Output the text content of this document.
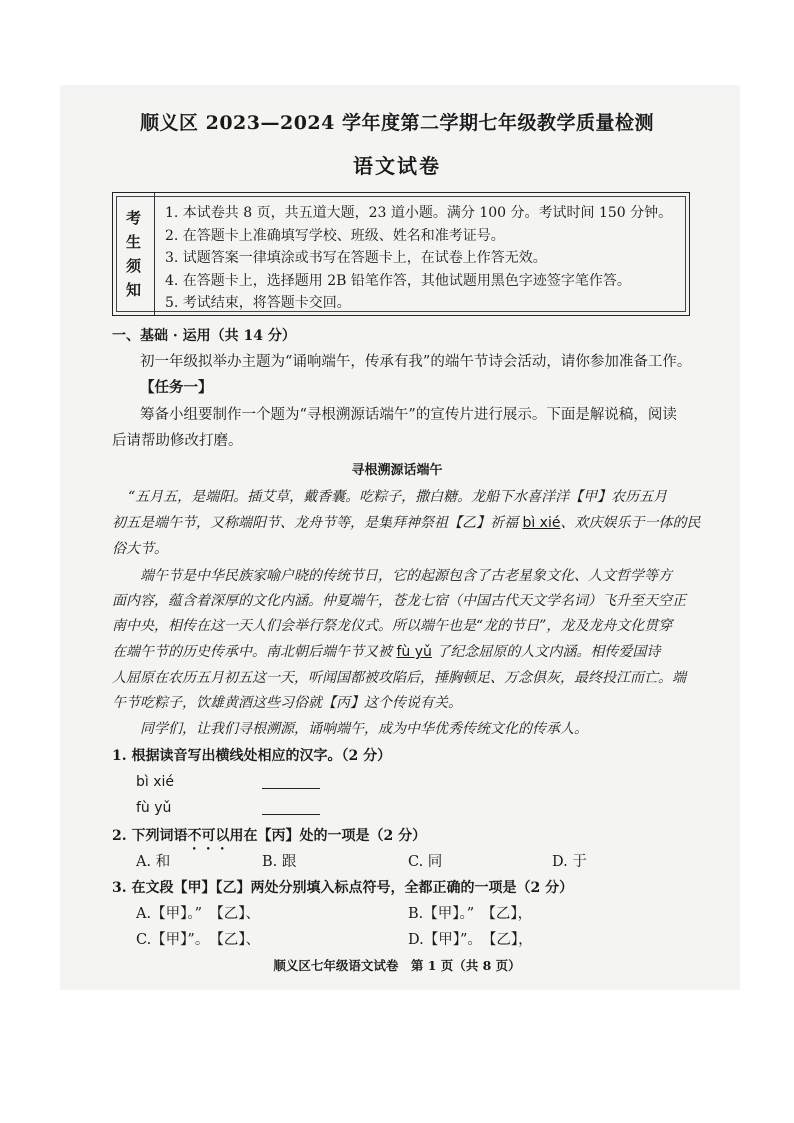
顺义区 2023—2024 学年度第二学期七年级教学质量检测
语文试卷
考
生
须
知
1. 本试卷共 8 页，共五道大题，23 道小题。满分 100 分。考试时间 150 分钟。
2. 在答题卡上准确填写学校、班级、姓名和准考证号。
3. 试题答案一律填涂或书写在答题卡上，在试卷上作答无效。
4. 在答题卡上，选择题用 2B 铅笔作答，其他试题用黑色字迹签字笔作答。
5. 考试结束，将答题卡交回。
一、基础 · 运用（共 14 分）
初一年级拟举办主题为“诵响端午，传承有我”的端午节诗会活动，请你参加准备工作。
【任务一】
筹备小组要制作一个题为“寻根溯源话端午”的宣传片进行展示。下面是解说稿，阅读
后请帮助修改打磨。
寻根溯源话端午
“五月五，是端阳。插艾草，戴香囊。吃粽子，撒白糖。龙船下水喜洋洋【甲】农历五月
初五是端午节，又称端阳节、龙舟节等，是集拜神祭祖【乙】祈福 bì xié、欢庆娱乐于一体的民
俗大节。
端午节是中华民族家喻户晓的传统节日，它的起源包含了古老星象文化、人文哲学等方
面内容，蕴含着深厚的文化内涵。仲夏端午，苍龙七宿（中国古代天文学名词）飞升至天空正
南中央，相传在这一天人们会举行祭龙仪式。所以端午也是“龙的节日”，龙及龙舟文化贯穿
在端午节的历史传承中。南北朝后端午节又被 fù yǔ 了纪念屈原的人文内涵。相传爱国诗
人屈原在农历五月初五这一天，听闻国都被攻陷后，捶胸顿足、万念俱灰，最终投江而亡。端
午节吃粽子，饮雄黄酒这些习俗就【丙】这个传说有关。
同学们，让我们寻根溯源，诵响端午，成为中华优秀传统文化的传承人。
1. 根据读音写出横线处相应的汉字。（2 分）
bì xié
fù yǔ
2. 下列词语不可以用在【丙】处的一项是（2 分）
A. 和	B. 跟	C. 同	D. 于
3. 在文段【甲】【乙】两处分别填入标点符号，全都正确的一项是（2 分）
A.【甲】。”　【乙】、	B.【甲】。”　【乙】，
C.【甲】”。　【乙】、	D.【甲】”。　【乙】，
顺义区七年级语文试卷　第 1 页（共 8 页）
